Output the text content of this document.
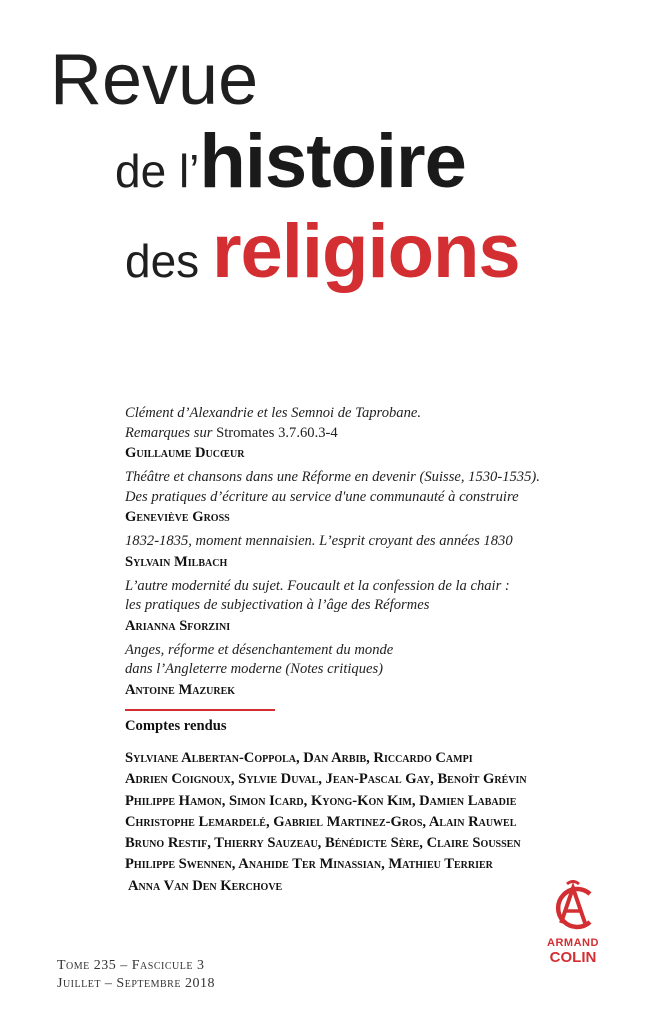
Revue
de l’histoire
des religions
Clément d’Alexandrie et les Semnoi de Taprobane.
Remarques sur Stromates 3.7.60.3-4
Guillaume Ducœur
Théâtre et chansons dans une Réforme en devenir (Suisse, 1530-1535).
Des pratiques d’écriture au service d'une communauté à construire
Geneviève Gross
1832-1835, moment mennaisien. L’esprit croyant des années 1830
Sylvain Milbach
L’autre modernité du sujet. Foucault et la confession de la chair :
les pratiques de subjectivation à l’âge des Réformes
Arianna Sforzini
Anges, réforme et désenchantement du monde
dans l’Angleterre moderne (Notes critiques)
Antoine Mazurek
Comptes rendus
Sylviane Albertan-Coppola, Dan Arbib, Riccardo Campi
Adrien Coignoux, Sylvie Duval, Jean-Pascal Gay, Benoît Grévin
Philippe Hamon, Simon Icard, Kyong-Kon Kim, Damien Labadie
Christophe Lemardelé, Gabriel Martinez-Gros, Alain Rauwel
Bruno Restif, Thierry Sauzeau, Bénédicte Sère, Claire Soussen
Philippe Swennen, Anahide Ter Minassian, Mathieu Terrier
Anna Van Den Kerchove
Tome 235 – Fascicule 3
Juillet – Septembre 2018
ARMAND
COLIN
